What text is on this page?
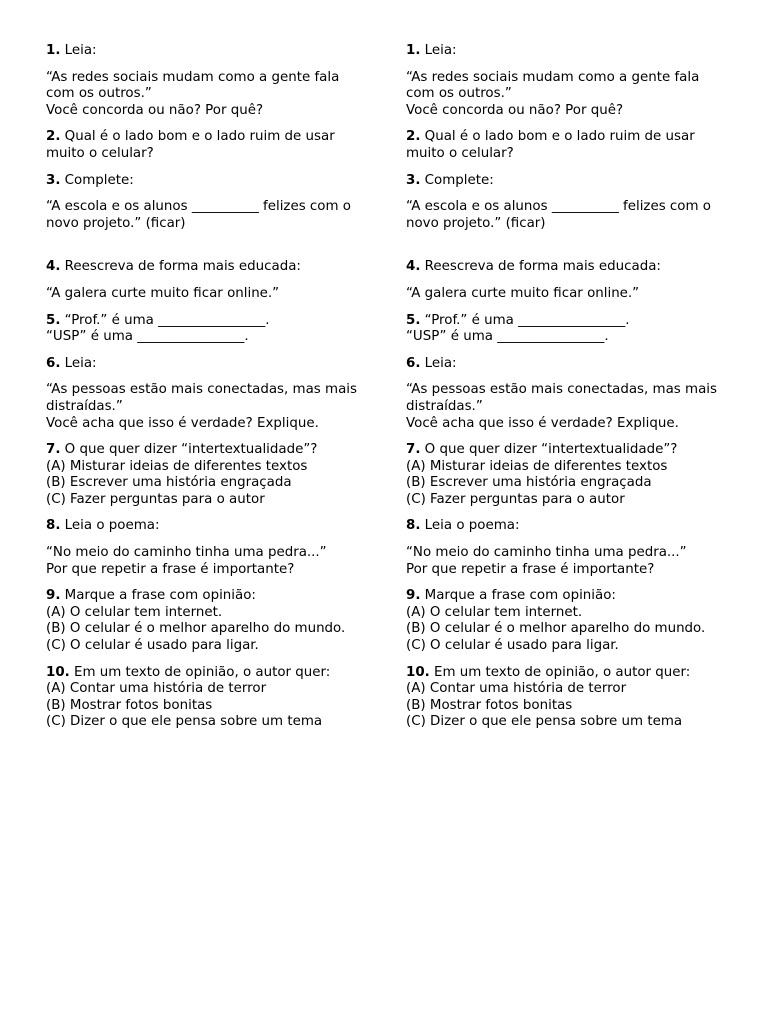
1. Leia:
“As redes sociais mudam como a gente fala com os outros.”
Você concorda ou não? Por quê?
2. Qual é o lado bom e o lado ruim de usar muito o celular?
3. Complete:
“A escola e os alunos __________ felizes com o novo projeto.” (ficar)
4. Reescreva de forma mais educada:
“A galera curte muito ficar online.”
5. “Prof.” é uma ________________.
“USP” é uma ________________.
6. Leia:
“As pessoas estão mais conectadas, mas mais distraídas.”
Você acha que isso é verdade? Explique.
7. O que quer dizer “intertextualidade”?
(A) Misturar ideias de diferentes textos
(B) Escrever uma história engraçada
(C) Fazer perguntas para o autor
8. Leia o poema:
“No meio do caminho tinha uma pedra...”
Por que repetir a frase é importante?
9. Marque a frase com opinião:
(A) O celular tem internet.
(B) O celular é o melhor aparelho do mundo.
(C) O celular é usado para ligar.
10. Em um texto de opinião, o autor quer:
(A) Contar uma história de terror
(B) Mostrar fotos bonitas
(C) Dizer o que ele pensa sobre um tema
1. Leia:
“As redes sociais mudam como a gente fala com os outros.”
Você concorda ou não? Por quê?
2. Qual é o lado bom e o lado ruim de usar muito o celular?
3. Complete:
“A escola e os alunos __________ felizes com o novo projeto.” (ficar)
4. Reescreva de forma mais educada:
“A galera curte muito ficar online.”
5. “Prof.” é uma ________________.
“USP” é uma ________________.
6. Leia:
“As pessoas estão mais conectadas, mas mais distraídas.”
Você acha que isso é verdade? Explique.
7. O que quer dizer “intertextualidade”?
(A) Misturar ideias de diferentes textos
(B) Escrever uma história engraçada
(C) Fazer perguntas para o autor
8. Leia o poema:
“No meio do caminho tinha uma pedra...”
Por que repetir a frase é importante?
9. Marque a frase com opinião:
(A) O celular tem internet.
(B) O celular é o melhor aparelho do mundo.
(C) O celular é usado para ligar.
10. Em um texto de opinião, o autor quer:
(A) Contar uma história de terror
(B) Mostrar fotos bonitas
(C) Dizer o que ele pensa sobre um tema
